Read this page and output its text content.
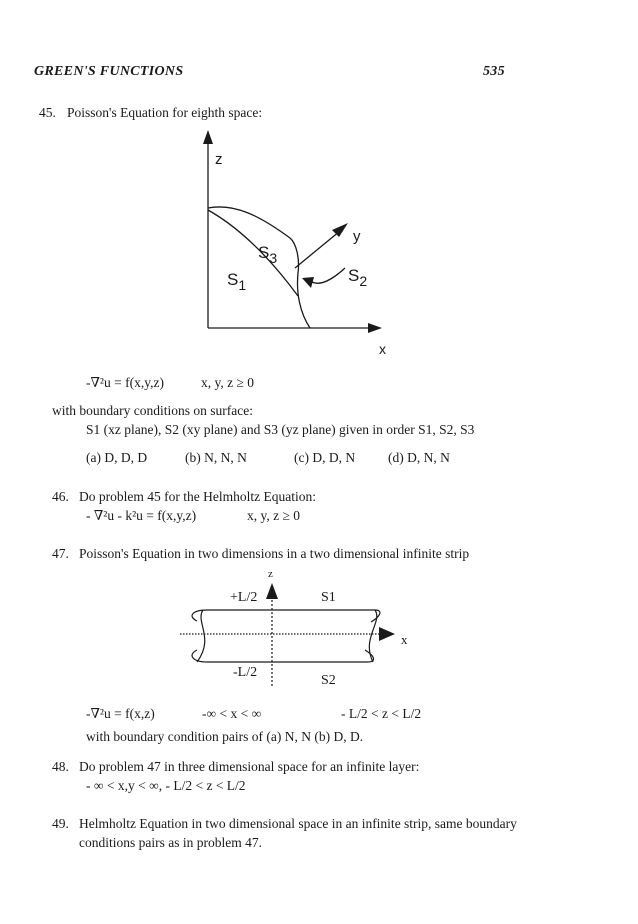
GREEN'S FUNCTIONS	535
45. Poisson's Equation for eighth space:
z
y
x
$S_3$
$S_1$	$S_2$
-∇²u = f(x,y,z)	x, y, z ≥ 0
with boundary conditions on surface:
S1 (xz plane), S2 (xy plane) and S3 (yz plane) given in order S1, S2, S3
(a) D, D, D	(b) N, N, N	(c) D, D, N (d) D, N, N
46. Do problem 45 for the Helmholtz Equation:
- ∇²u - k²u = f(x,y,z)	x, y, z ≥ 0
47. Poisson's Equation in two dimensions in a two dimensional infinite strip
z
+L/2	S1
x
-L/2
S2
-∇²u = f(x,z)	-∞ < x < ∞	- L/2 < z < L/2
with boundary condition pairs of (a) N, N (b) D, D.
48. Do problem 47 in three dimensional space for an infinite layer:
- ∞ < x,y < ∞, - L/2 < z < L/2
49. Helmholtz Equation in two dimensional space in an infinite strip, same boundary
conditions pairs as in problem 47.
